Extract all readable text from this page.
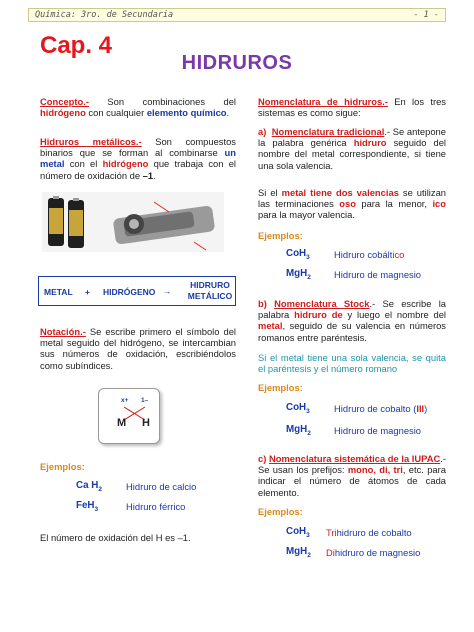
Química: 3ro. de Secundaria	- 1 -
Cap. 4
HIDRUROS
Concepto.- Son combinaciones del hidrógeno con cualquier elemento químico.
Hidruros metálicos.- Son compuestos binarios que se forman al combinarse un metal con el hidrógeno que trabaja con el número de oxidación de –1.
METAL + HIDRÓGENO →
HIDRURO
METÁLICO
Notación.- Se escribe primero el símbolo del metal seguido del hidrógeno, se intercambian sus números de oxidación, escribiéndolos como subíndices.
x+ 1–
M H
Ejemplos:
Ca $H_2$	Hidruro de calcio
FeH$_3$	Hidruro férrico
El número de oxidación del H es –1.
Nomenclatura de hidruros.- En los tres sistemas es como sigue:
a) Nomenclatura tradicional.- Se antepone la palabra genérica hidruro seguido del nombre del metal correspondiente, si tiene una sola valencia.
Si el metal tiene dos valencias se utilizan las terminaciones oso para la menor, ico para la mayor valencia.
Ejemplos:
CoH$_3$	Hidruro cobáltico
MgH$_2$ Hidruro de magnesio
b) Nomenclatura Stock.- Se escribe la palabra hidruro de y luego el nombre del metal, seguido de su valencia en números romanos entre paréntesis.
Si el metal tiene una sola valencia, se quita el paréntesis y el número romano
Ejemplos:
CoH$_3$	Hidruro de cobalto (III)
MgH$_2$ Hidruro de magnesio
c) Nomenclatura sistemática de la IUPAC.- Se usan los prefijos: mono, di, tri, etc. para indicar el número de átomos de cada elemento.
Ejemplos:
CoH$_3$ Trihidruro de cobalto
MgH$_2$ Dihidruro de magnesio
